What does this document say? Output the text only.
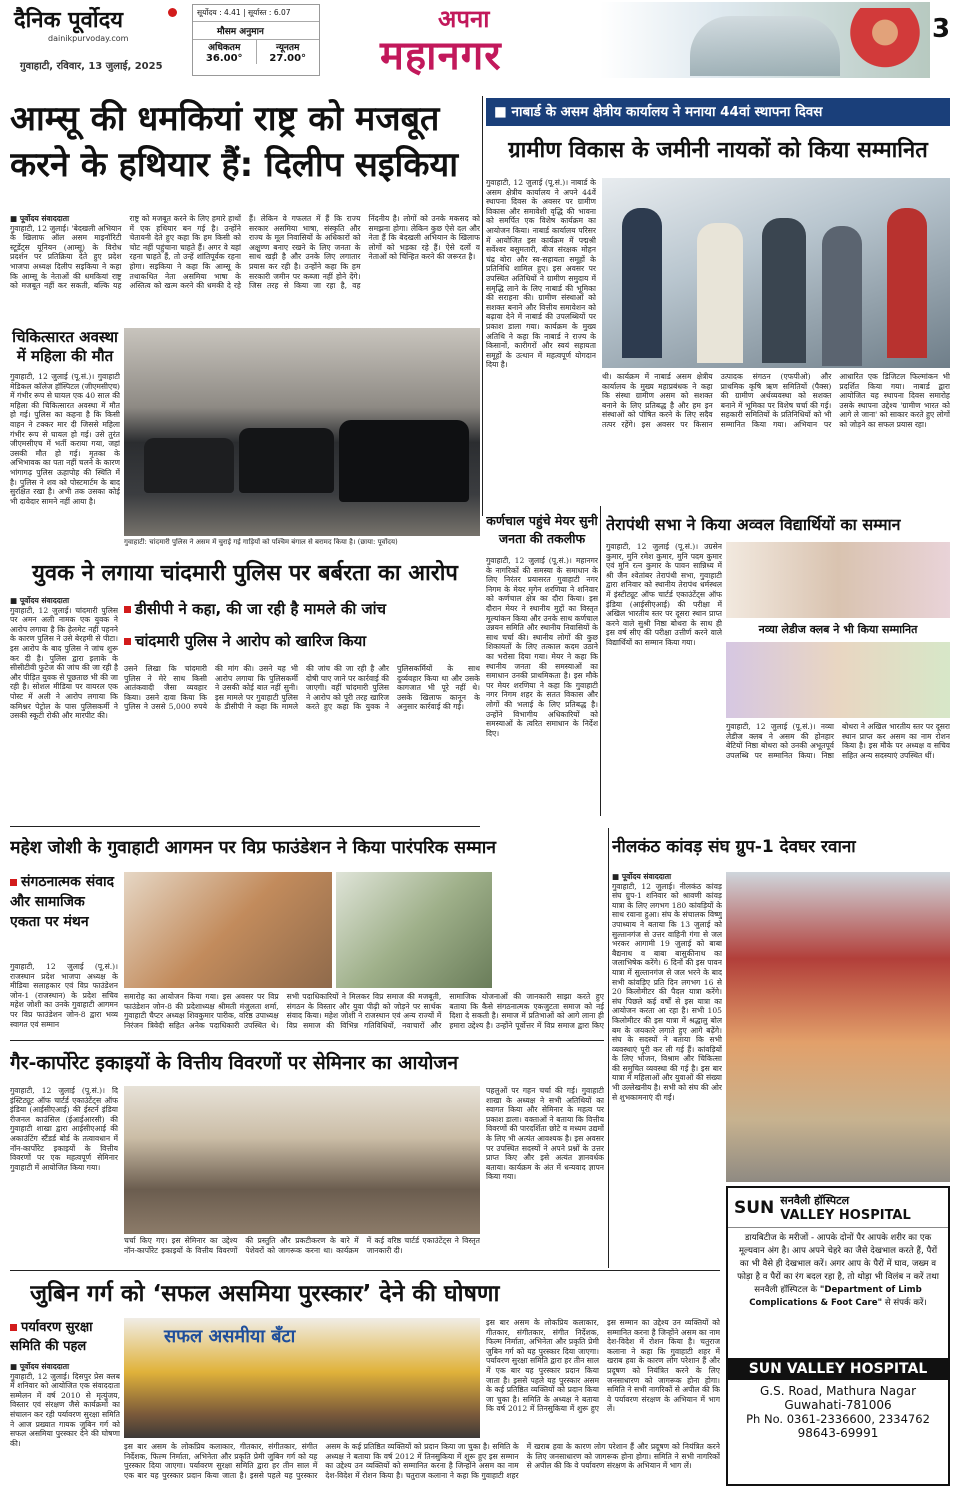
दैनिक पूर्वोदय
dainikpurvoday.com
गुवाहाटी, रविवार, 13 जुलाई, 2025
सूर्योदय : 4.41 | सूर्यास्त : 6.07
मौसम अनुमान
अधिकतम
36.00°
न्यूनतम
27.00°
अपना
महानगर
3
आम्सू की धमकियां राष्ट्र को मजबूत
करने के हथियार हैं: दिलीप सइकिया
■ पूर्वोदय संवाददाता
गुवाहाटी, 12 जुलाई। 'बेदखली अभियान के खिलाफ ऑल असम माइनॉरिटी स्टूडेंट्स यूनियन (आम्सू) के विरोध प्रदर्शन पर प्रतिक्रिया देते हुए प्रदेश भाजपा अध्यक्ष दिलीप सइकिया ने कहा कि आम्सू के नेताओं की धमकियां राष्ट्र को मजबूत नहीं कर सकती, बल्कि यह राष्ट्र को मजबूत करने के लिए हमारे हाथों में एक हथियार बन गई है। उन्होंने चेतावनी देते हुए कहा कि हम किसी को चोट नहीं पहुंचाना चाहते हैं। अगर वे यहां रहना चाहते हैं, तो उन्हें शांतिपूर्वक रहना होगा। सइकिया ने कहा कि आम्सू के तथाकथित नेता असमिया भाषा के अस्तित्व को खत्म करने की धमकी दे रहे हैं। लेकिन वे गफलत में हैं कि राज्य सरकार असमिया भाषा, संस्कृति और राज्य के मूल निवासियों के अधिकारों को अक्षुण्ण बनाए रखने के लिए जनता के साथ खड़ी है और उनके लिए लगातार प्रयास कर रही है। उन्होंने कहा कि हम सरकारी जमीन पर कब्जा नहीं होने देंगे। जिस तरह से किया जा रहा है, वह निंदनीय है। लोगों को उनके मकसद को समझना होगा। लेकिन कुछ ऐसे दल और नेता हैं कि बेदखली अभियान के खिलाफ लोगों को भड़का रहे हैं। ऐसे दलों व नेताओं को चिन्हित करने की जरूरत है।
चिकित्सारत अवस्था में महिला की मौत
गुवाहाटी, 12 जुलाई (पू.सं.)। गुवाहाटी मेडिकल कॉलेज हॉस्पिटल (जीएमसीएच) में गंभीर रूप से घायल एक 40 साल की महिला की चिकित्सारत अवस्था में मौत हो गई। पुलिस का कहना है कि किसी वाहन ने टक्कर मार दी जिससे महिला गंभीर रूप से घायल हो गई। उसे तुरंत जीएमसीएच में भर्ती कराया गया, जहां उसकी मौत हो गई। मृतका के अभिभावक का पता नहीं चलने के कारण भांगागढ़ पुलिस ऊहापोह की स्थिति में है। पुलिस ने शव को पोस्टमार्टम के बाद सुरक्षित रखा है। अभी तक उसका कोई भी दावेदार सामने नहीं आया है।
गुवाहाटी: चांदमारी पुलिस ने असम में चुराई गई गाड़ियों को पश्चिम बंगाल से बरामद किया है। (छाया: पूर्वोदय)
■ नाबार्ड के असम क्षेत्रीय कार्यालय ने मनाया 44वां स्थापना दिवस
ग्रामीण विकास के जमीनी नायकों को किया सम्मानित
गुवाहाटी, 12 जुलाई (पू.सं.)। नाबार्ड के असम क्षेत्रीय कार्यालय ने अपने 44वें स्थापना दिवस के अवसर पर ग्रामीण विकास और समावेशी वृद्धि की भावना को समर्पित एक विशेष कार्यक्रम का आयोजन किया। नाबार्ड कार्यालय परिसर में आयोजित इस कार्यक्रम में पद्मश्री सर्वेश्वर बसुमतारी, बीज संरक्षक मोहन चंद्र बोरा और स्व-सहायता समूहों के प्रतिनिधि शामिल हुए। इस अवसर पर उपस्थित अतिथियों ने ग्रामीण समुदाय में समृद्धि लाने के लिए नाबार्ड की भूमिका की सराहना की। ग्रामीण संस्थाओं को सशक्त बनाने और वित्तीय समावेशन को बढ़ावा देने में नाबार्ड की उपलब्धियों पर प्रकाश डाला गया। कार्यक्रम के मुख्य अतिथि ने कहा कि नाबार्ड ने राज्य के किसानों, कारीगरों और स्वयं सहायता समूहों के उत्थान में महत्वपूर्ण योगदान दिया है।
थी। कार्यक्रम में नाबार्ड असम क्षेत्रीय कार्यालय के मुख्य महाप्रबंधक ने कहा कि संस्था ग्रामीण असम को सशक्त बनाने के लिए प्रतिबद्ध है और हम इन संस्थाओं को पोषित करने के लिए सदैव तत्पर रहेंगे। इस अवसर पर किसान उत्पादक संगठन (एफपीओ) और प्राथमिक कृषि ऋण समितियों (पैक्स) की ग्रामीण अर्थव्यवस्था को सशक्त बनाने में भूमिका पर विशेष चर्चा की गई। सहकारी समितियों के प्रतिनिधियों को भी सम्मानित किया गया। अभियान पर आधारित एक डिजिटल फिल्मांकन भी प्रदर्शित किया गया। नाबार्ड द्वारा आयोजित यह स्थापना दिवस समारोह उसके स्थापना उद्देश्य 'ग्रामीण भारत को आगे ले जाना' को साकार करते हुए लोगों को जोड़ने का सफल प्रयास रहा।
कर्णचाल पहुंचे मेयर सुनी जनता की तकलीफ
गुवाहाटी, 12 जुलाई (पू.सं.)। महानगर के नागरिकों की समस्या के समाधान के लिए निरंतर प्रयासरत गुवाहाटी नगर निगम के मेयर मृगेन शरणिया ने शनिवार को कर्णचाल क्षेत्र का दौरा किया। इस दौरान मेयर ने स्थानीय मुद्दों का विस्तृत मूल्यांकन किया और उनके साथ कर्णचाल उन्नयन समिति और स्थानीय निवासियों के साथ चर्चा की। स्थानीय लोगों की कुछ शिकायतों के लिए तत्काल कदम उठाने का भरोसा दिया गया। मेयर ने कहा कि स्थानीय जनता की समस्याओं का समाधान उनकी प्राथमिकता है। इस मौके पर मेयर शरणिया ने कहा कि गुवाहाटी नगर निगम शहर के सतत विकास और लोगों की भलाई के लिए प्रतिबद्ध है। उन्होंने विभागीय अधिकारियों को समस्याओं के त्वरित समाधान के निर्देश दिए।
तेरापंथी सभा ने किया अव्वल विद्यार्थियों का सम्मान
गुवाहाटी, 12 जुलाई (पू.सं.)। उग्रसेन कुमार, मुनि रमेश कुमार, मुनि पदम कुमार एवं मुनि रत्न कुमार के पावन सान्निध्य में श्री जैन श्वेतांबर तेरापंथी सभा, गुवाहाटी द्वारा शनिवार को स्थानीय तेरापंथ धर्मस्थल में इंस्टीट्यूट ऑफ चार्टर्ड एकाउंटेंट्स ऑफ इंडिया (आईसीएआई) की परीक्षा में अखिल भारतीय स्तर पर दूसरा स्थान प्राप्त करने वाले सुश्री निष्ठा बोथरा के साथ ही इस वर्ष सीए की परीक्षा उत्तीर्ण करने वाले विद्यार्थियों का सम्मान किया गया।
नव्या लेडीज क्लब ने भी किया सम्मानित
गुवाहाटी, 12 जुलाई (पू.सं.)। नव्या लेडीज क्लब ने असम की होनहार बेटियों निष्ठा बोथरा को उनकी अभूतपूर्व उपलब्धि पर सम्मानित किया। निष्ठा बोथरा ने अखिल भारतीय स्तर पर दूसरा स्थान प्राप्त कर असम का नाम रोशन किया है। इस मौके पर अध्यक्ष व सचिव सहित अन्य सदस्याएं उपस्थित थीं।
युवक ने लगाया चांदमारी पुलिस पर बर्बरता का आरोप
■ पूर्वोदय संवाददाता
गुवाहाटी, 12 जुलाई। चांदमारी पुलिस पर अमन अली नामक एक युवक ने आरोप लगाया है कि हेलमेट नहीं पहनने के कारण पुलिस ने उसे बेरहमी से पीटा। इस आरोप के बाद पुलिस ने जांच शुरू कर दी है। पुलिस द्वारा इलाके के सीसीटीवी फुटेज की जांच की जा रही है और पीड़ित युवक से पूछताछ भी की जा रही है। सोशल मीडिया पर वायरल एक पोस्ट में अली ने आरोप लगाया कि कमिश्नर पेट्रोल के पास पुलिसकर्मी ने उसकी स्कूटी रोकी और मारपीट की।
डीसीपी ने कहा, की जा रही है मामले की जांच
चांदमारी पुलिस ने आरोप को खारिज किया
उसने लिखा कि चांदमारी पुलिस ने मेरे साथ किसी आतंकवादी जैसा व्यवहार किया। उसने दावा किया कि पुलिस ने उससे 5,000 रुपये की मांग की। उसने यह भी आरोप लगाया कि पुलिसकर्मी ने उसकी कोई बात नहीं सुनी। इस मामले पर गुवाहाटी पुलिस के डीसीपी ने कहा कि मामले की जांच की जा रही है और दोषी पाए जाने पर कार्रवाई की जाएगी। वहीं चांदमारी पुलिस ने आरोप को पूरी तरह खारिज करते हुए कहा कि युवक ने पुलिसकर्मियों के साथ दुर्व्यवहार किया था और उसके कागजात भी पूरे नहीं थे। उसके खिलाफ कानून के अनुसार कार्रवाई की गई।
महेश जोशी के गुवाहाटी आगमन पर विप्र फाउंडेशन ने किया पारंपरिक सम्मान
संगठनात्मक संवाद और सामाजिक एकता पर मंथन
गुवाहाटी, 12 जुलाई (पू.सं.)। राजस्थान प्रदेश भाजपा अध्यक्ष के मीडिया सलाहकार एवं विप्र फाउंडेशन जोन-1 (राजस्थान) के प्रदेश सचिव महेश जोशी का उनके गुवाहाटी आगमन पर विप्र फाउंडेशन जोन-8 द्वारा भव्य स्वागत एवं सम्मान
समारोह का आयोजन किया गया। इस अवसर पर विप्र फाउंडेशन जोन-8 की प्रदेशाध्यक्ष श्रीमती मंजुलता शर्मा, गुवाहाटी चैप्टर अध्यक्ष शिवकुमार पारीक, वरिष्ठ उपाध्यक्ष निरंजन त्रिवेदी सहित अनेक पदाधिकारी उपस्थित थे। सभी पदाधिकारियों ने मिलकर विप्र समाज की मजबूती, संगठन के विस्तार और युवा पीढ़ी को जोड़ने पर सार्थक संवाद किया। महेश जोशी ने राजस्थान एवं अन्य राज्यों में विप्र समाज की विभिन्न गतिविधियों, नवाचारों और सामाजिक योजनाओं की जानकारी साझा करते हुए बताया कि कैसे संगठनात्मक एकजुटता समाज को नई दिशा दे सकती है। समाज में प्रतिभाओं को आगे लाना ही हमारा उद्देश्य है। उन्होंने पूर्वोत्तर में विप्र समाज द्वारा किए
नीलकंठ कांवड़ संघ ग्रुप-1 देवघर रवाना
■ पूर्वोदय संवाददाता
गुवाहाटी, 12 जुलाई। नीलकंठ कांवड़ संघ ग्रुप-1 शनिवार को श्रावणी कांवड़ यात्रा के लिए लगभग 180 कांवड़ियों के साथ रवाना हुआ। संघ के संचालक विष्णु उपाध्याय ने बताया कि 13 जुलाई को सुल्तानगंज से उत्तर वाहिनी गंगा से जल भरकर आगामी 19 जुलाई को बाबा बैद्यनाथ व बाबा बासुकीनाथ का जलाभिषेक करेंगे। 6 दिनों की इस पावन यात्रा में सुल्तानगंज से जल भरने के बाद सभी कांवड़िए प्रति दिन लगभग 16 से 20 किलोमीटर की पैदल यात्रा करेंगे। संघ पिछले कई वर्षों से इस यात्रा का आयोजन करता आ रहा है। सभी 105 किलोमीटर की इस यात्रा में श्रद्धालु बोल बम के जयकारे लगाते हुए आगे बढ़ेंगे। संघ के सदस्यों ने बताया कि सभी व्यवस्थाएं पूरी कर ली गई हैं। कांवड़ियों के लिए भोजन, विश्राम और चिकित्सा की समुचित व्यवस्था की गई है। इस बार यात्रा में महिलाओं और युवाओं की संख्या भी उल्लेखनीय है। सभी को संघ की ओर से शुभकामनाएं दी गईं।
गैर-कार्पोरेट इकाइयों के वित्तीय विवरणों पर सेमिनार का आयोजन
गुवाहाटी, 12 जुलाई (पू.सं.)। दि इंस्टिट्यूट ऑफ चार्टर्ड एकाउंटेंट्स ऑफ इंडिया (आईसीएआई) की ईस्टर्न इंडिया रीजनल काउंसिल (ईआईआरसी) की गुवाहाटी शाखा द्वारा आईसीएआई की अकाउंटिंग स्टैंडर्ड बोर्ड के तत्वावधान में नॉन-कार्पोरेट इकाइयों के वित्तीय विवरणों पर एक महत्वपूर्ण सेमिनार गुवाहाटी में आयोजित किया गया।
चर्चा किए गए। इस सेमिनार का उद्देश्य नॉन-कार्पोरेट इकाइयों के वित्तीय विवरणों की प्रस्तुति और प्रकटीकरण के बारे में पेशेवरों को जागरूक करना था। कार्यक्रम में कई वरिष्ठ चार्टर्ड एकाउंटेंट्स ने विस्तृत जानकारी दी।
पहलुओं पर गहन चर्चा की गई। गुवाहाटी शाखा के अध्यक्ष ने सभी अतिथियों का स्वागत किया और सेमिनार के महत्व पर प्रकाश डाला। वक्ताओं ने बताया कि वित्तीय विवरणों की पारदर्शिता छोटे व मध्यम उद्यमों के लिए भी अत्यंत आवश्यक है। इस अवसर पर उपस्थित सदस्यों ने अपने प्रश्नों के उत्तर प्राप्त किए और इसे अत्यंत ज्ञानवर्धक बताया। कार्यक्रम के अंत में धन्यवाद ज्ञापन किया गया।
जुबिन गर्ग को ‘सफल असमिया पुरस्कार’ देने की घोषणा
पर्यावरण सुरक्षा समिति की पहल
■ पूर्वोदय संवाददाता
गुवाहाटी, 12 जुलाई। दिसपुर प्रेस क्लब में शनिवार को आयोजित एक संवाददाता सम्मेलन में वर्ष 2010 से मृत्युंजय, विस्तार एवं संरक्षण जैसे कार्यक्रमों का संचालन कर रही पर्यावरण सुरक्षा समिति ने आज प्रख्यात गायक जुबिन गर्ग को सफल असमिया पुरस्कार देने की घोषणा की।
सफल असमीया बँटा
इस बार असम के लोकप्रिय कलाकार, गीतकार, संगीतकार, संगीत निर्देशक, फिल्म निर्माता, अभिनेता और प्रकृति प्रेमी जुबिन गर्ग को यह पुरस्कार दिया जाएगा। पर्यावरण सुरक्षा समिति द्वारा हर तीन साल में एक बार यह पुरस्कार प्रदान किया जाता है। इससे पहले यह पुरस्कार असम के कई प्रतिष्ठित व्यक्तियों को प्रदान किया जा चुका है। समिति के अध्यक्ष ने बताया कि वर्ष 2012 में तिनसुकिया में शुरू हुए इस सम्मान का उद्देश्य उन व्यक्तियों को सम्मानित करना है जिन्होंने असम का नाम देश-विदेश में रोशन किया है। चतुराज कलाना ने कहा कि गुवाहाटी शहर में खराब हवा के कारण लोग परेशान हैं और प्रदूषण को नियंत्रित करने के लिए जनसाधारण को जागरूक होना होगा। समिति ने सभी नागरिकों से अपील की कि वे पर्यावरण संरक्षण के अभियान में भाग लें।
इस बार असम के लोकप्रिय कलाकार, गीतकार, संगीतकार, संगीत निर्देशक, फिल्म निर्माता, अभिनेता और प्रकृति प्रेमी जुबिन गर्ग को यह पुरस्कार दिया जाएगा। पर्यावरण सुरक्षा समिति द्वारा हर तीन साल में एक बार यह पुरस्कार प्रदान किया जाता है। इससे पहले यह पुरस्कार असम के कई प्रतिष्ठित व्यक्तियों को प्रदान किया जा चुका है। समिति के अध्यक्ष ने बताया कि वर्ष 2012 में तिनसुकिया में शुरू हुए इस सम्मान का उद्देश्य उन व्यक्तियों को सम्मानित करना है जिन्होंने असम का नाम देश-विदेश में रोशन किया है। चतुराज कलाना ने कहा कि गुवाहाटी शहर में खराब हवा के कारण लोग परेशान हैं और प्रदूषण को नियंत्रित करने के लिए जनसाधारण को जागरूक होना होगा। समिति ने सभी नागरिकों से अपील की कि वे पर्यावरण संरक्षण के अभियान में भाग लें।
SUN सनवैली हॉस्पिटल
VALLEY HOSPITAL
डायबिटीज के मरीजों - आपके दोनों पैर आपके शरीर का एक मूल्यवान अंग है। आप अपने चेहरे का जैसे देखभाल करते हैं, पैरों का भी वैसे ही देखभाल करें। अगर आप के पैरों में घाव, जख्म व फोड़ा है व पैरों का रंग बदल रहा है, तो थोड़ा भी विलंब न करें तथा सनवैली हॉस्पिटल के "Department of Limb Complications & Foot Care" से संपर्क करें।
SUN VALLEY HOSPITAL
G.S. Road, Mathura Nagar
Guwahati-781006
Ph No. 0361-2336600, 2334762
98643-69991
